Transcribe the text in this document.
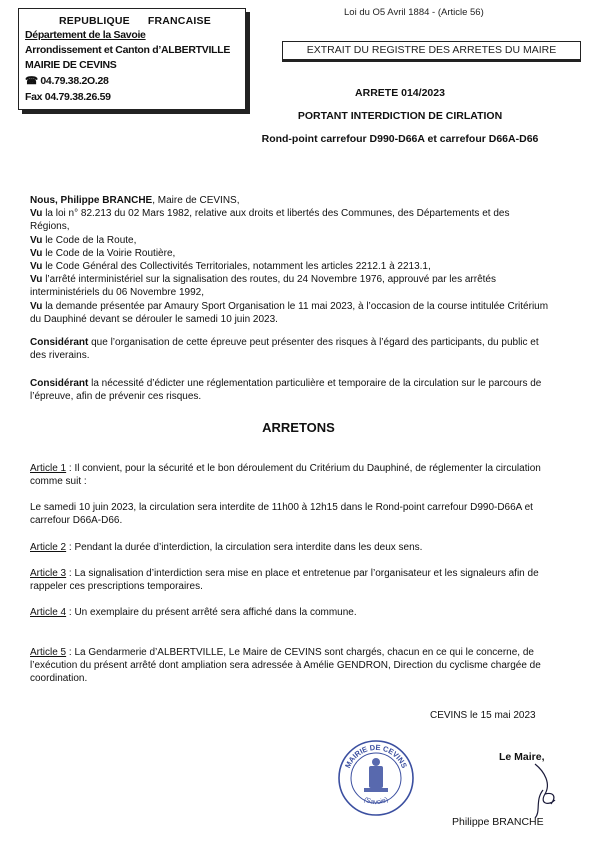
REPUBLIQUE FRANCAISE
Département de la Savoie
Arrondissement et Canton d’ALBERTVILLE
MAIRIE DE CEVINS
☎ 04.79.38.2O.28
Fax 04.79.38.26.59
Loi du O5 Avril 1884 - (Article 56)
EXTRAIT DU REGISTRE DES ARRETES DU MAIRE
ARRETE 014/2023
PORTANT INTERDICTION DE CIRLATION
Rond-point carrefour D990-D66A et carrefour D66A-D66
Nous, Philippe BRANCHE, Maire de CEVINS,
Vu la loi n° 82.213 du 02 Mars 1982, relative aux droits et libertés des Communes, des Départements et des Régions,
Vu le Code de la Route,
Vu le Code de la Voirie Routière,
Vu le Code Général des Collectivités Territoriales, notamment les articles 2212.1 à 2213.1,
Vu l’arrêté interministériel sur la signalisation des routes, du 24 Novembre 1976, approuvé par les arrêtés interministériels du 06 Novembre 1992,
Vu la demande présentée par Amaury Sport Organisation le 11 mai 2023, à l’occasion de la course intitulée Critérium du Dauphiné devant se dérouler le samedi 10 juin 2023.
Considérant que l’organisation de cette épreuve peut présenter des risques à l’égard des participants, du public et des riverains.
Considérant la nécessité d’édicter une réglementation particulière et temporaire de la circulation sur le parcours de l’épreuve, afin de prévenir ces risques.
ARRETONS
Article 1 : Il convient, pour la sécurité et le bon déroulement du Critérium du Dauphiné, de réglementer la circulation comme suit :
Le samedi 10 juin 2023, la circulation sera interdite de 11h00 à 12h15 dans le Rond-point carrefour D990-D66A et carrefour D66A-D66.
Article 2 : Pendant la durée d’interdiction, la circulation sera interdite dans les deux sens.
Article 3 : La signalisation d’interdiction sera mise en place et entretenue par l’organisateur et les signaleurs afin de rappeler ces prescriptions temporaires.
Article 4 : Un exemplaire du présent arrêté sera affiché dans la commune.
Article 5 : La Gendarmerie d’ALBERTVILLE, Le Maire de CEVINS sont chargés, chacun en ce qui le concerne, de l’exécution du présent arrêté dont ampliation sera adressée à Amélie GENDRON, Direction du cyclisme chargée de coordination.
CEVINS le 15 mai 2023
MAIRIE DE CEVINS
(Savoie)
Le Maire,
Philippe BRANCHE
